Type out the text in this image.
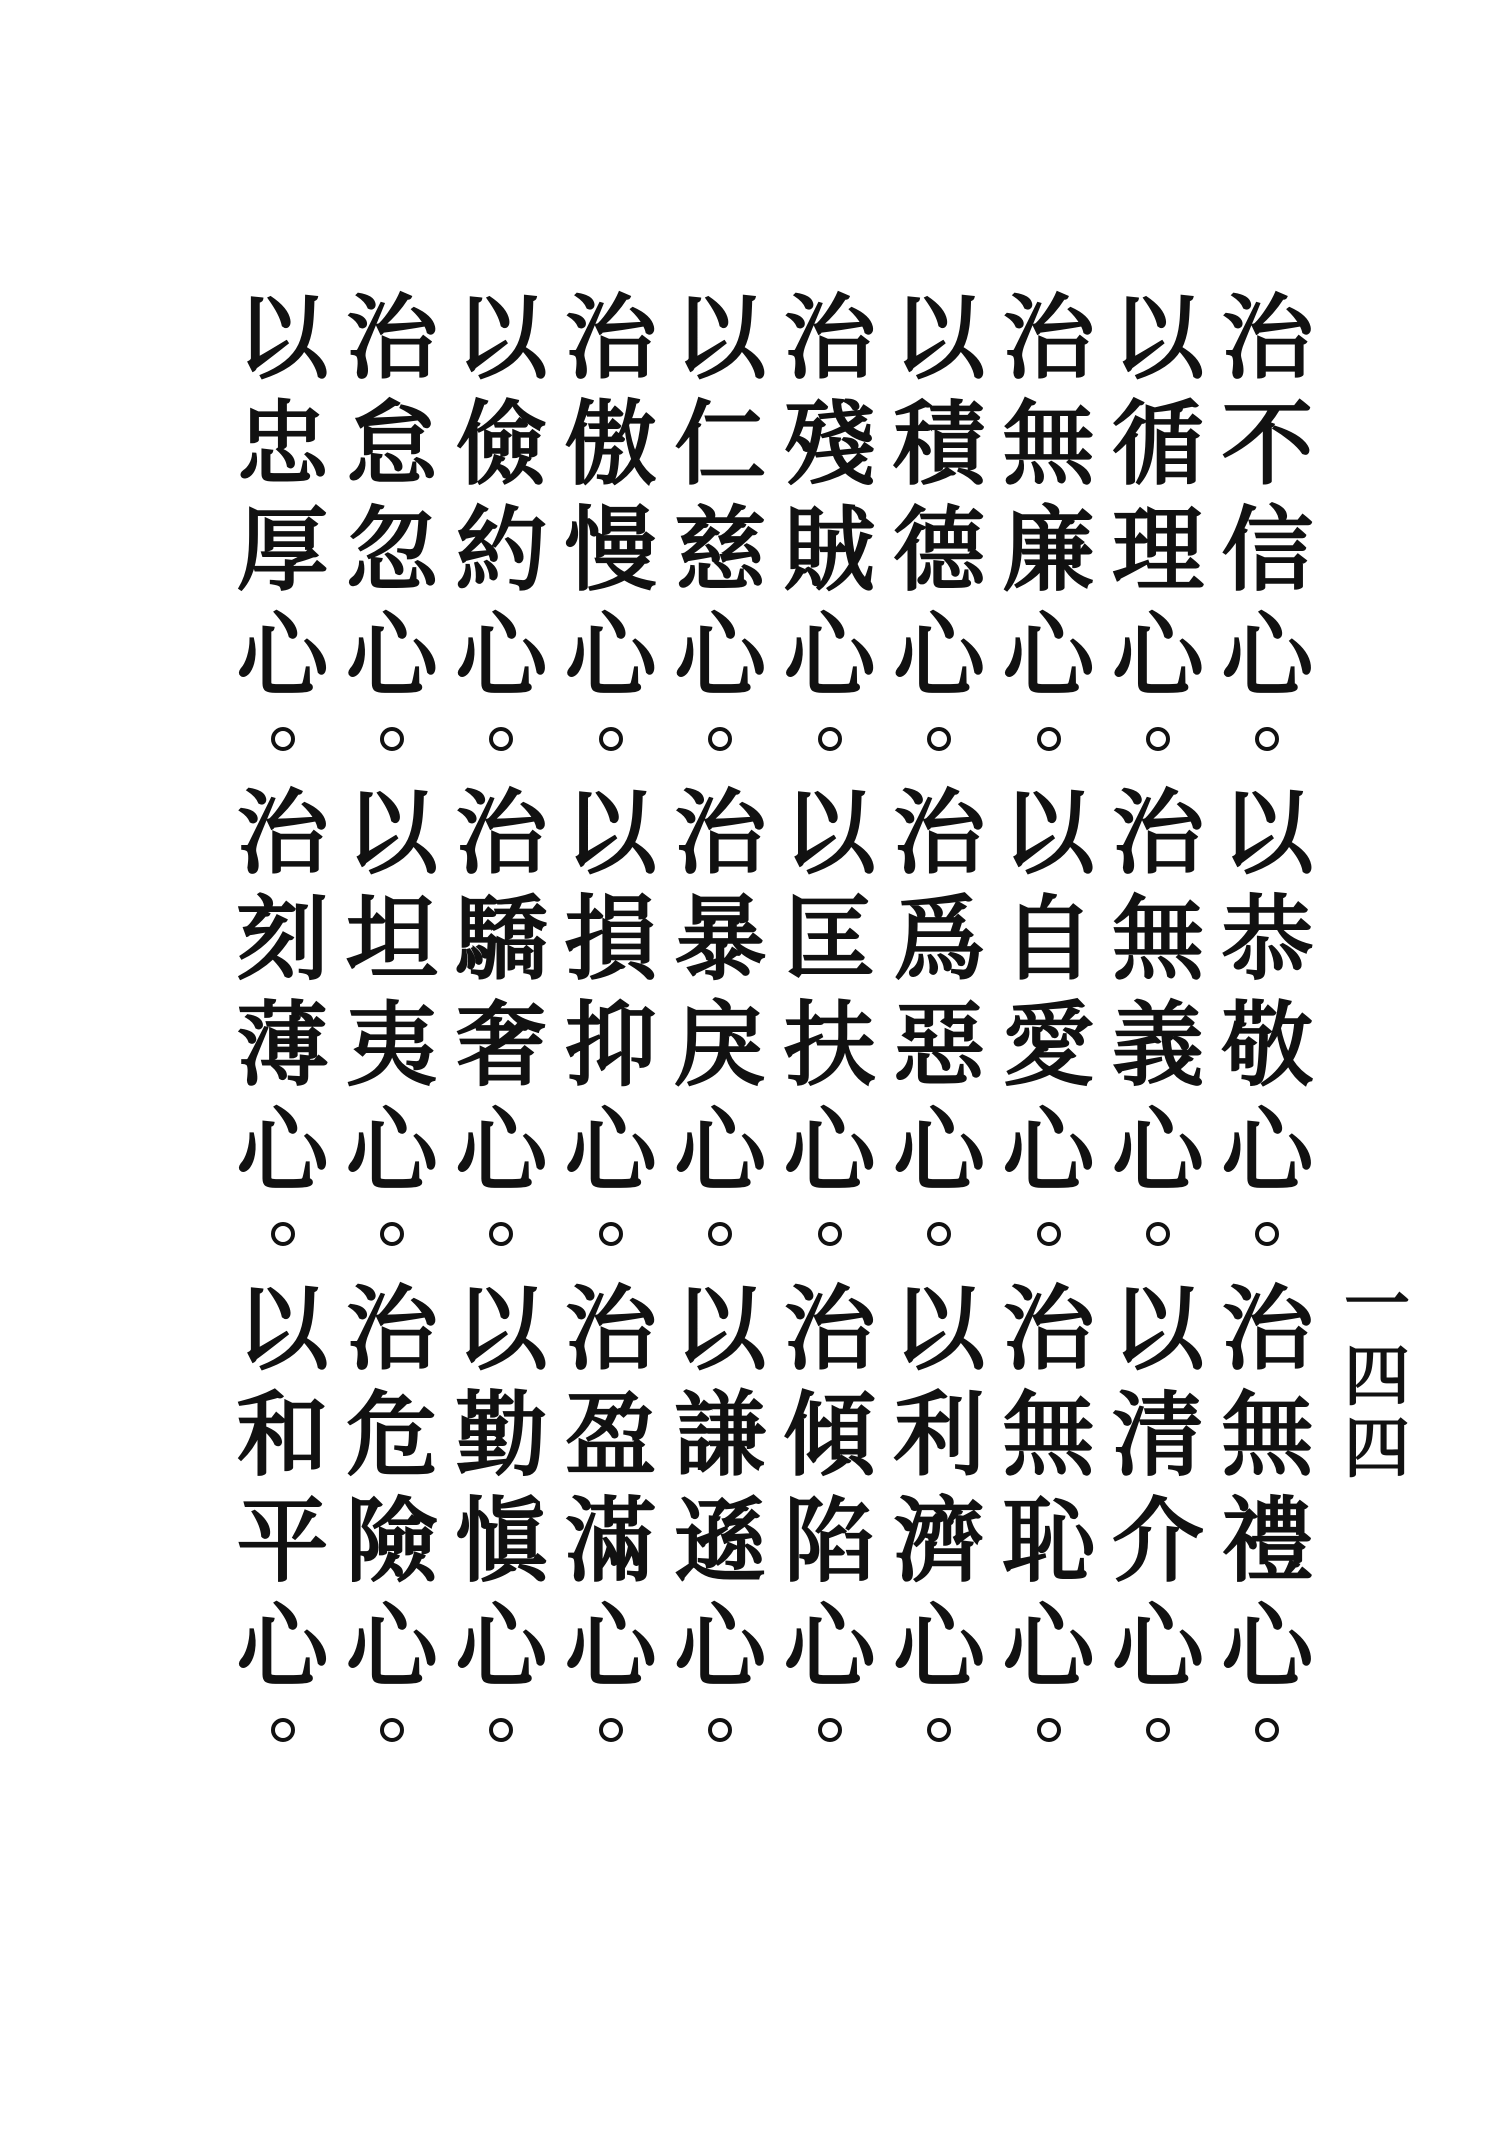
治
不
信
心
以
循
理
心
治
無
廉
心
以
積
德
心
治
殘
賊
心
以
仁
慈
心
治
傲
慢
心
以
儉
約
心
治
怠
忽
心
以
忠
厚
心
以
恭
敬
心
治
無
義
心
以
自
愛
心
治
爲
惡
心
以
匡
扶
心
治
暴
戾
心
以
損
抑
心
治
驕
奢
心
以
坦
夷
心
治
刻
薄
心
治
無
禮
心
以
清
介
心
治
無
恥
心
以
利
濟
心
治
傾
陷
心
以
謙
遜
心
治
盈
滿
心
以
勤
愼
心
治
危
險
心
以
和
平
心
一
四
四
